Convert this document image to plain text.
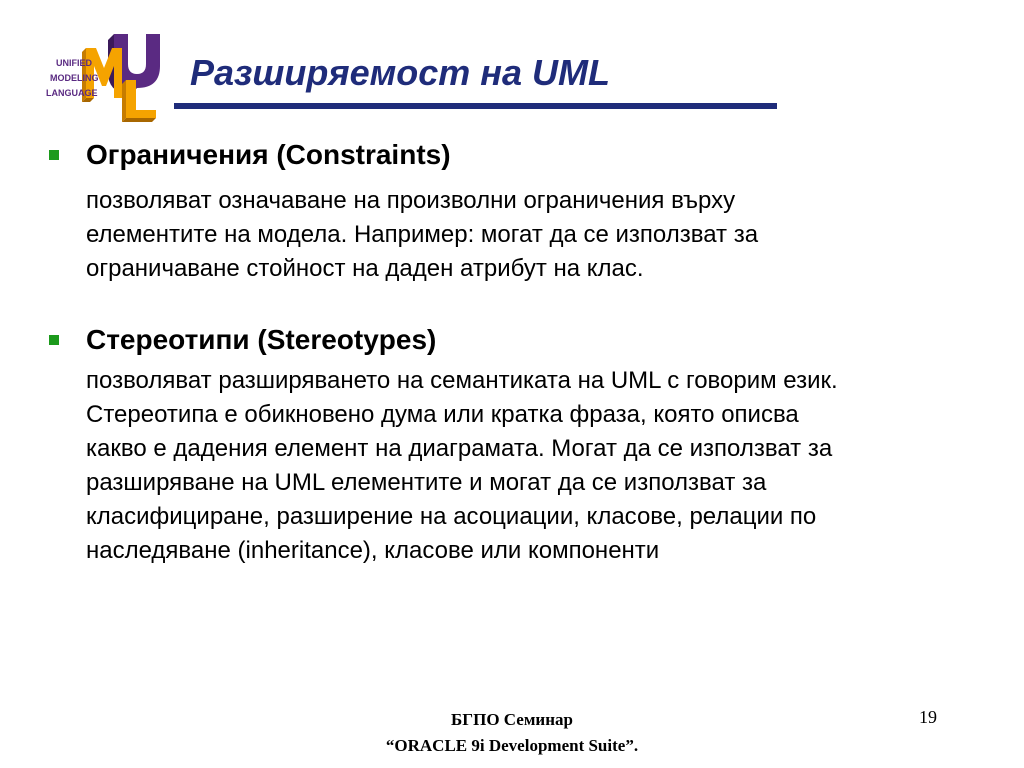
UNIFIED
MODELING
LANGUAGE	Разширяемост на UML
Ограничения (Constraints)
позволяват означаване на произволни ограничения върху
елементите на модела. Например: могат да се използват за
ограничаване стойност на даден атрибут на клас.
Стереотипи (Stereotypes)
позволяват разширяването на семантиката на UML с говорим език.
Стереотипа е обикновено дума или кратка фраза, която описва
какво е дадения елемент на диаграмата. Могат да се използват за
разширяване на UML елементите и могат да се използват за
класифициране, разширение на асоциации, класове, релации по
наследяване (inheritance), класове или компоненти
БГПО Семинар
“ORACLE 9i Development Suite”.
19
